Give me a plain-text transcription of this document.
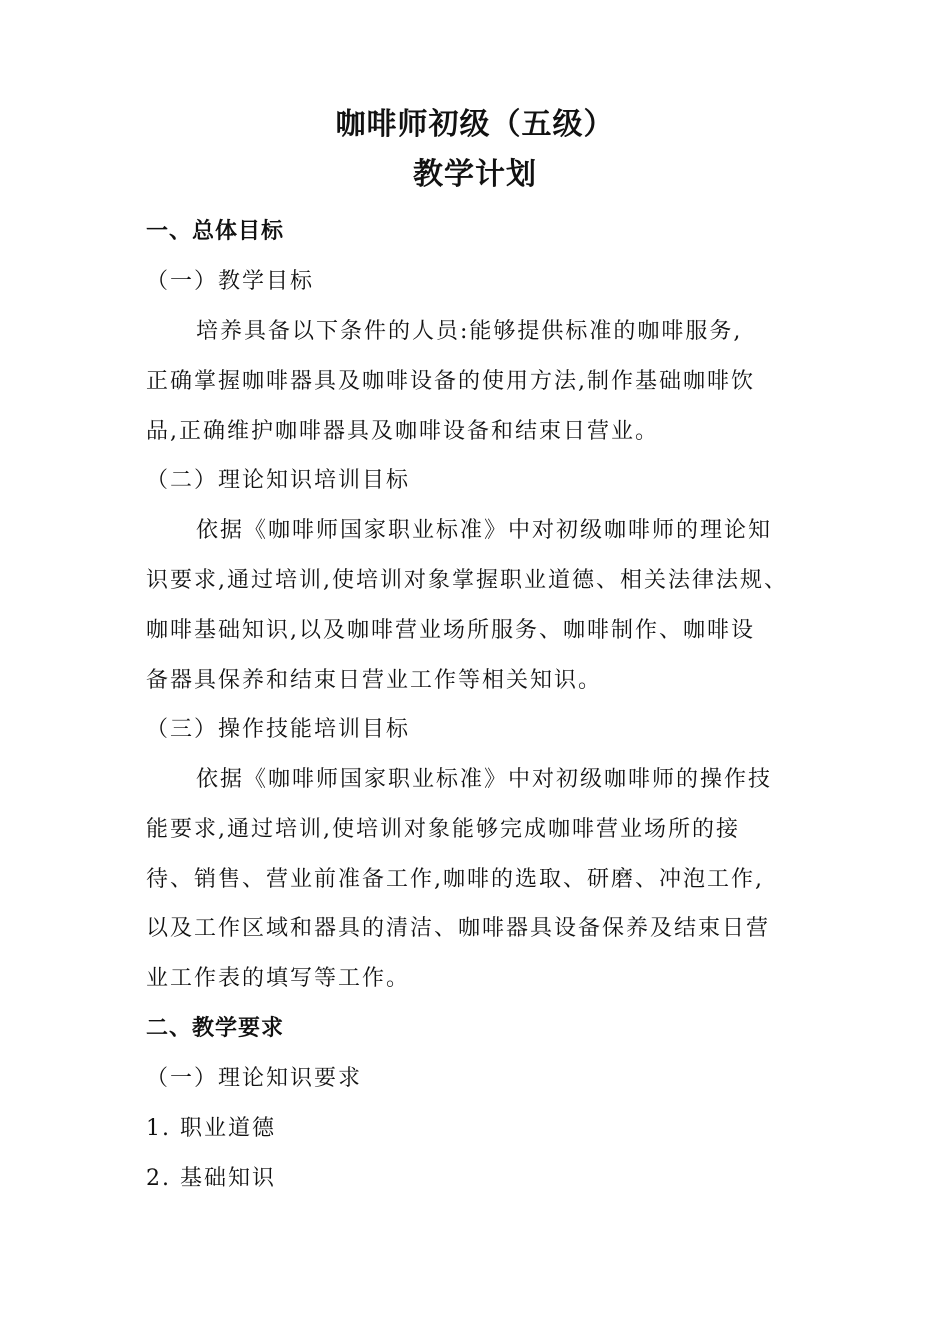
咖啡师初级（五级）
教学计划
一、总体目标
（一）教学目标
培养具备以下条件的人员:能够提供标准的咖啡服务,
正确掌握咖啡器具及咖啡设备的使用方法,制作基础咖啡饮
品,正确维护咖啡器具及咖啡设备和结束日营业。
（二）理论知识培训目标
依据《咖啡师国家职业标准》中对初级咖啡师的理论知
识要求,通过培训,使培训对象掌握职业道德、相关法律法规、
咖啡基础知识,以及咖啡营业场所服务、咖啡制作、咖啡设
备器具保养和结束日营业工作等相关知识。
（三）操作技能培训目标
依据《咖啡师国家职业标准》中对初级咖啡师的操作技
能要求,通过培训,使培训对象能够完成咖啡营业场所的接
待、销售、营业前准备工作,咖啡的选取、研磨、冲泡工作,
以及工作区域和器具的清洁、咖啡器具设备保养及结束日营
业工作表的填写等工作。
二、教学要求
（一）理论知识要求
1. 职业道德
2. 基础知识
